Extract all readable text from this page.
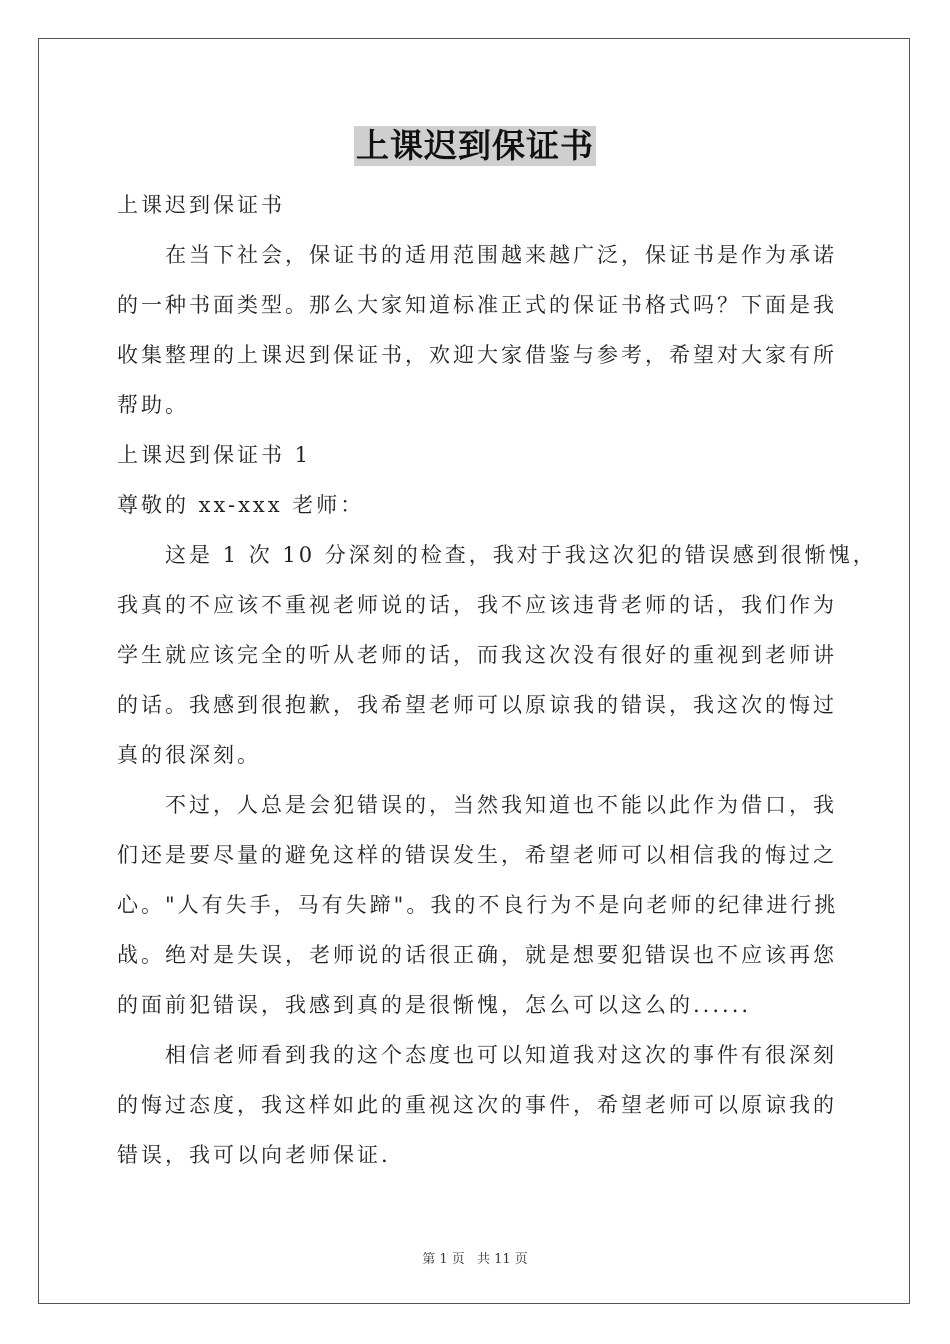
上课迟到保证书
上课迟到保证书
在当下社会，保证书的适用范围越来越广泛，保证书是作为承诺
的一种书面类型。那么大家知道标准正式的保证书格式吗？下面是我
收集整理的上课迟到保证书，欢迎大家借鉴与参考，希望对大家有所
帮助。
上课迟到保证书 1
尊敬的 xx-xxx 老师：
这是 1 次 10 分深刻的检查，我对于我这次犯的错误感到很惭愧，
我真的不应该不重视老师说的话，我不应该违背老师的话，我们作为
学生就应该完全的听从老师的话，而我这次没有很好的重视到老师讲
的话。我感到很抱歉，我希望老师可以原谅我的错误，我这次的悔过
真的很深刻。
不过，人总是会犯错误的，当然我知道也不能以此作为借口，我
们还是要尽量的避免这样的错误发生，希望老师可以相信我的悔过之
心。"人有失手，马有失蹄"。我的不良行为不是向老师的纪律进行挑
战。绝对是失误，老师说的话很正确，就是想要犯错误也不应该再您
的面前犯错误，我感到真的是很惭愧，怎么可以这么的......
相信老师看到我的这个态度也可以知道我对这次的事件有很深刻
的悔过态度，我这样如此的重视这次的事件，希望老师可以原谅我的
错误，我可以向老师保证.
第 1 页 共 11 页
